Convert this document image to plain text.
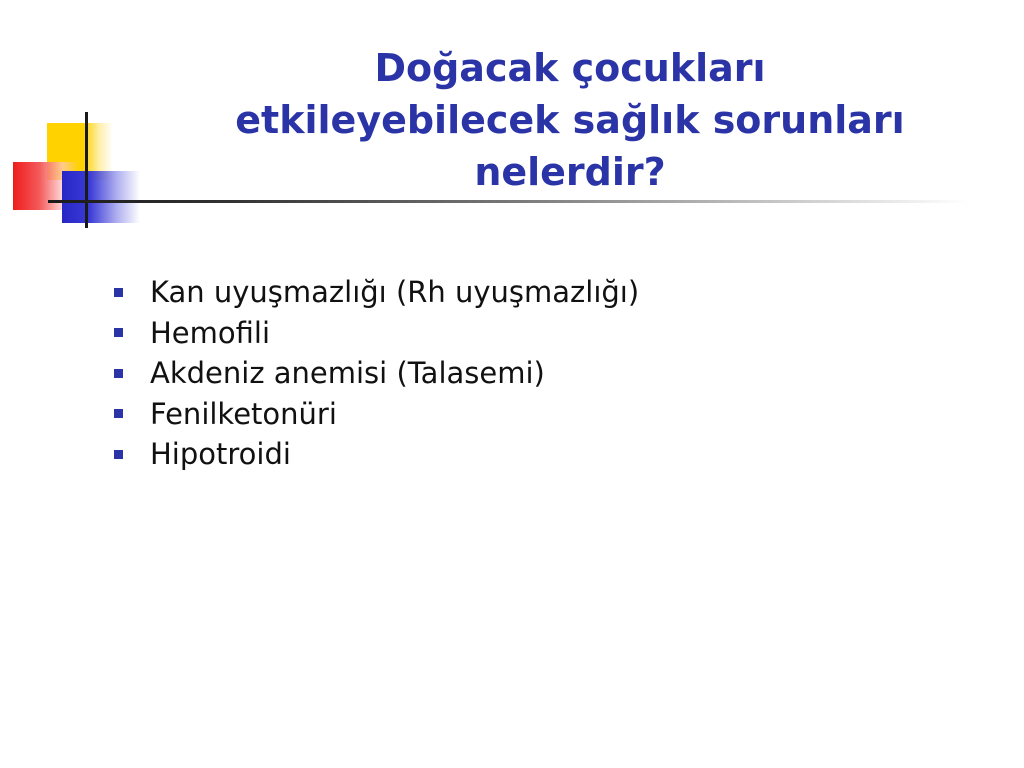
Doğacak çocukları
etkileyebilecek sağlık sorunları
nelerdir?
Kan uyuşmazlığı (Rh uyuşmazlığı)
Hemofili
Akdeniz anemisi (Talasemi)
Fenilketonüri
Hipotroidi
